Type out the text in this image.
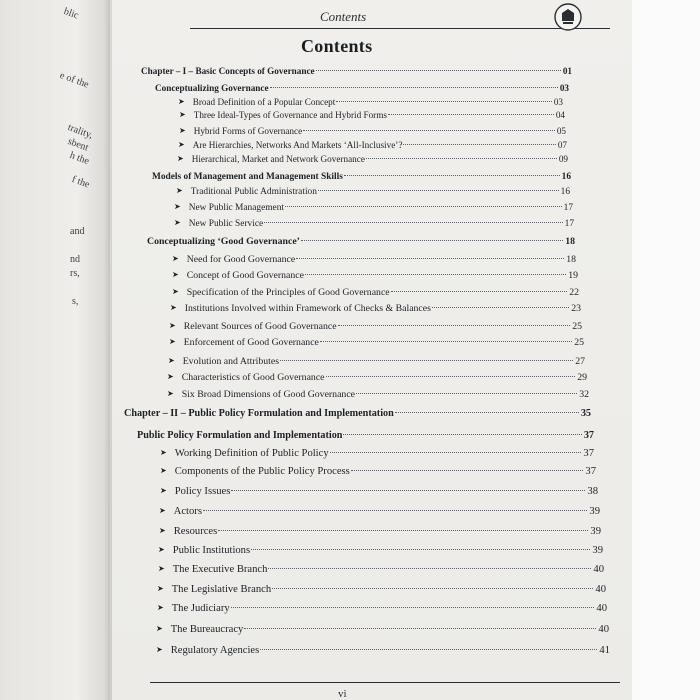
blic
e of the
trality,
sbent
h the
f the
and
nd
rs,
s,
Contents
Contents
Chapter – I – Basic Concepts of Governance	01
Conceptualizing Governance	03
➤ Broad Definition of a Popular Concept	03
➤ Three Ideal-Types of Governance and Hybrid Forms	04
➤ Hybrid Forms of Governance	05
➤ Are Hierarchies, Networks And Markets ‘All-Inclusive’?	07
➤ Hierarchical, Market and Network Governance	09
Models of Management and Management Skills	16
➤ Traditional Public Administration	16
➤ New Public Management	17
➤ New Public Service	17
Conceptualizing ‘Good Governance’	18
➤ Need for Good Governance	18
➤ Concept of Good Governance	19
➤ Specification of the Principles of Good Governance	22
➤ Institutions Involved within Framework of Checks & Balances	23
➤ Relevant Sources of Good Governance	25
➤ Enforcement of Good Governance	25
➤ Evolution and Attributes	27
➤ Characteristics of Good Governance	29
➤ Six Broad Dimensions of Good Governance	32
Chapter – II – Public Policy Formulation and Implementation	35
Public Policy Formulation and Implementation	37
➤ Working Definition of Public Policy	37
➤ Components of the Public Policy Process	37
➤ Policy Issues	38
➤ Actors	39
➤ Resources	39
➤ Public Institutions	39
➤ The Executive Branch	40
➤ The Legislative Branch	40
➤ The Judiciary	40
➤ The Bureaucracy	40
➤ Regulatory Agencies	41
vi
